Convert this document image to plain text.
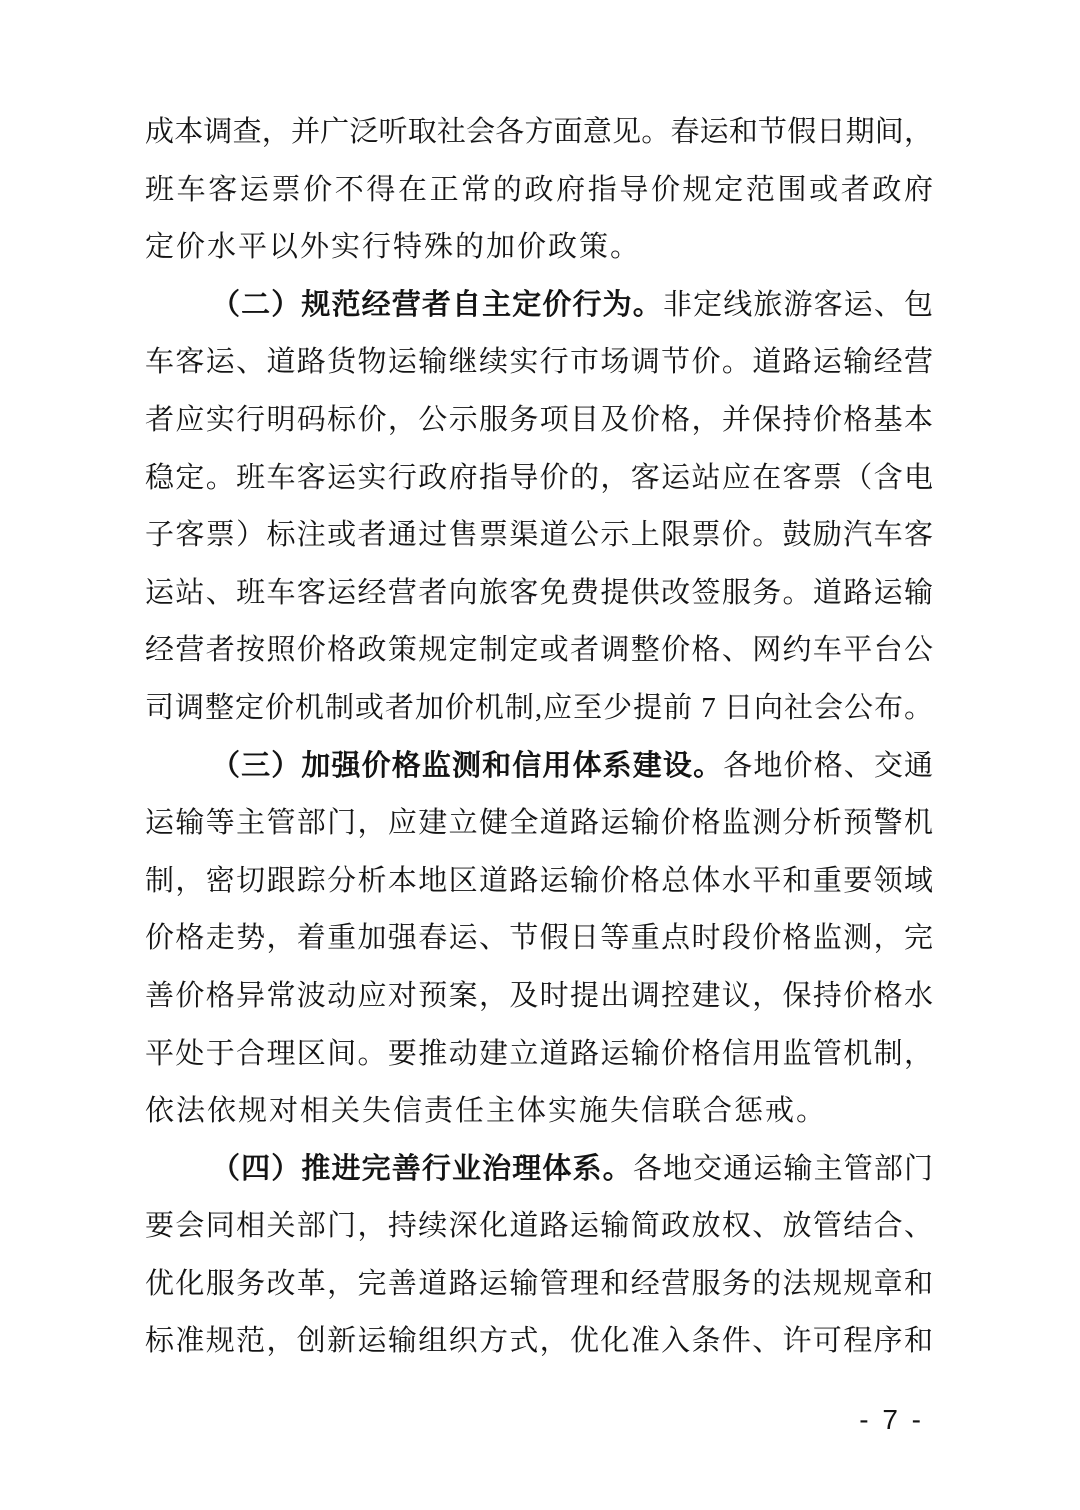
成本调查，并广泛听取社会各方面意见。春运和节假日期间，
班车客运票价不得在正常的政府指导价规定范围或者政府
定价水平以外实行特殊的加价政策。
（二）规范经营者自主定价行为。非定线旅游客运、包
车客运、道路货物运输继续实行市场调节价。道路运输经营
者应实行明码标价，公示服务项目及价格，并保持价格基本
稳定。班车客运实行政府指导价的，客运站应在客票（含电
子客票）标注或者通过售票渠道公示上限票价。鼓励汽车客
运站、班车客运经营者向旅客免费提供改签服务。道路运输
经营者按照价格政策规定制定或者调整价格、网约车平台公
司调整定价机制或者加价机制,应至少提前 7 日向社会公布。
（三）加强价格监测和信用体系建设。各地价格、交通
运输等主管部门，应建立健全道路运输价格监测分析预警机
制，密切跟踪分析本地区道路运输价格总体水平和重要领域
价格走势，着重加强春运、节假日等重点时段价格监测，完
善价格异常波动应对预案，及时提出调控建议，保持价格水
平处于合理区间。要推动建立道路运输价格信用监管机制，
依法依规对相关失信责任主体实施失信联合惩戒。
（四）推进完善行业治理体系。各地交通运输主管部门
要会同相关部门，持续深化道路运输简政放权、放管结合、
优化服务改革，完善道路运输管理和经营服务的法规规章和
标准规范，创新运输组织方式，优化准入条件、许可程序和
- 7 -
